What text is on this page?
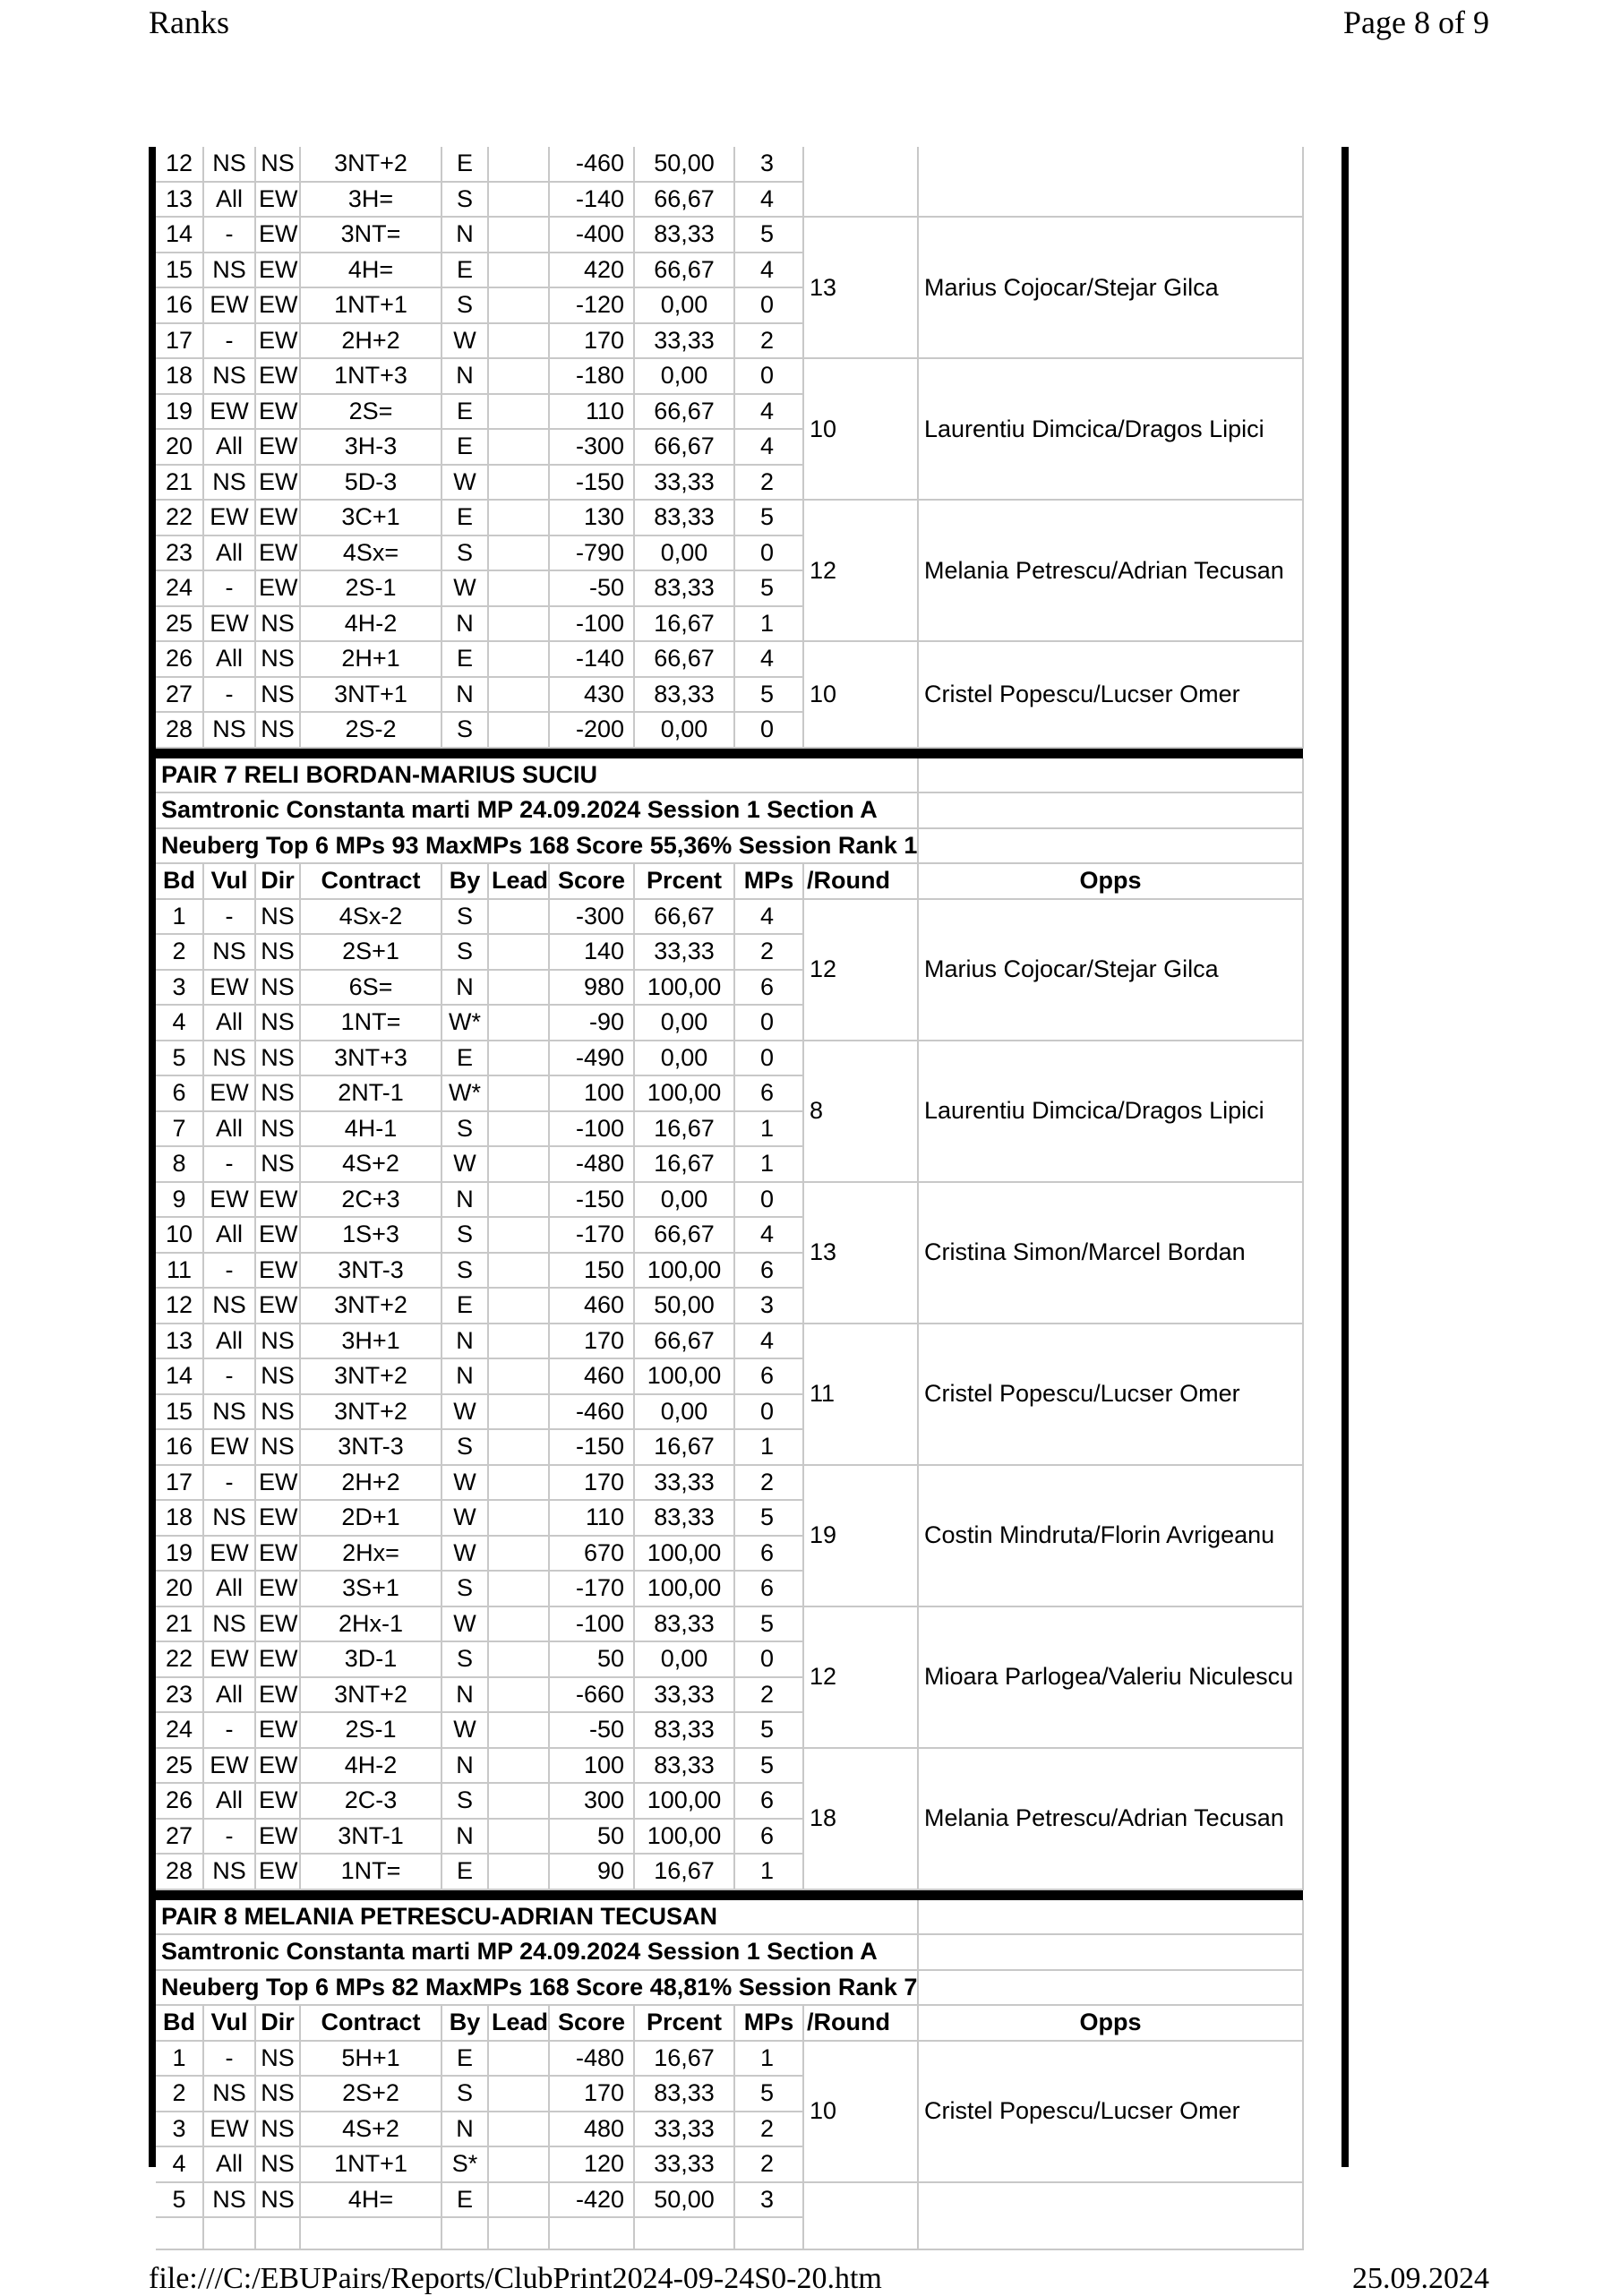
Ranks	Page 8 of 9
12	NS	NS	3NT+2	E		-460	50,00	3			
13	All	EW	3H=	S		-140	66,67	4			
14	-	EW	3NT=	N		-400	83,33	5	13	Marius Cojocar/Stejar Gilca	
15	NS	EW	4H=	E		420	66,67	4			
16	EW	EW	1NT+1	S		-120	0,00	0			
17	-	EW	2H+2	W		170	33,33	2			
18	NS	EW	1NT+3	N		-180	0,00	0	10	Laurentiu Dimcica/Dragos Lipici	
19	EW	EW	2S=	E		110	66,67	4			
20	All	EW	3H-3	E		-300	66,67	4			
21	NS	EW	5D-3	W		-150	33,33	2			
22	EW	EW	3C+1	E		130	83,33	5	12	Melania Petrescu/Adrian Tecusan	
23	All	EW	4Sx=	S		-790	0,00	0			
24	-	EW	2S-1	W		-50	83,33	5			
25	EW	NS	4H-2	N		-100	16,67	1			
26	All	NS	2H+1	E		-140	66,67	4	10	Cristel Popescu/Lucser Omer	
27	-	NS	3NT+1	N		430	83,33	5			
28	NS	NS	2S-2	S		-200	0,00	0			

PAIR 7 RELI BORDAN-MARIUS SUCIU											
Samtronic Constanta marti MP 24.09.2024 Session 1 Section A											
Neuberg Top 6 MPs 93 MaxMPs 168 Score 55,36% Session Rank 1											
Bd	Vul	Dir	Contract	By	Lead	Score	Prcent	MPs	/Round	Opps	
1	-	NS	4Sx-2	S		-300	66,67	4	12	Marius Cojocar/Stejar Gilca	
2	NS	NS	2S+1	S		140	33,33	2			
3	EW	NS	6S=	N		980	100,00	6			
4	All	NS	1NT=	W*		-90	0,00	0			
5	NS	NS	3NT+3	E		-490	0,00	0	8	Laurentiu Dimcica/Dragos Lipici	
6	EW	NS	2NT-1	W*		100	100,00	6			
7	All	NS	4H-1	S		-100	16,67	1			
8	-	NS	4S+2	W		-480	16,67	1			
9	EW	EW	2C+3	N		-150	0,00	0	13	Cristina Simon/Marcel Bordan	
10	All	EW	1S+3	S		-170	66,67	4			
11	-	EW	3NT-3	S		150	100,00	6			
12	NS	EW	3NT+2	E		460	50,00	3			
13	All	NS	3H+1	N		170	66,67	4	11	Cristel Popescu/Lucser Omer	
14	-	NS	3NT+2	N		460	100,00	6			
15	NS	NS	3NT+2	W		-460	0,00	0			
16	EW	NS	3NT-3	S		-150	16,67	1			
17	-	EW	2H+2	W		170	33,33	2	19	Costin Mindruta/Florin Avrigeanu	
18	NS	EW	2D+1	W		110	83,33	5			
19	EW	EW	2Hx=	W		670	100,00	6			
20	All	EW	3S+1	S		-170	100,00	6			
21	NS	EW	2Hx-1	W		-100	83,33	5	12	Mioara Parlogea/Valeriu Niculescu	
22	EW	EW	3D-1	S		50	0,00	0			
23	All	EW	3NT+2	N		-660	33,33	2			
24	-	EW	2S-1	W		-50	83,33	5			
25	EW	EW	4H-2	N		100	83,33	5	18	Melania Petrescu/Adrian Tecusan	
26	All	EW	2C-3	S		300	100,00	6			
27	-	EW	3NT-1	N		50	100,00	6			
28	NS	EW	1NT=	E		90	16,67	1			

PAIR 8 MELANIA PETRESCU-ADRIAN TECUSAN											
Samtronic Constanta marti MP 24.09.2024 Session 1 Section A											
Neuberg Top 6 MPs 82 MaxMPs 168 Score 48,81% Session Rank 7											
Bd	Vul	Dir	Contract	By	Lead	Score	Prcent	MPs	/Round	Opps	
1	-	NS	5H+1	E		-480	16,67	1	10	Cristel Popescu/Lucser Omer	
2	NS	NS	2S+2	S		170	83,33	5			
3	EW	NS	4S+2	N		480	33,33	2			
4	All	NS	1NT+1	S*		120	33,33	2			
5	NS	NS	4H=	E		-420	50,00	3			

file:///C:/EBUPairs/Reports/ClubPrint2024-09-24S0-20.htm	25.09.2024
